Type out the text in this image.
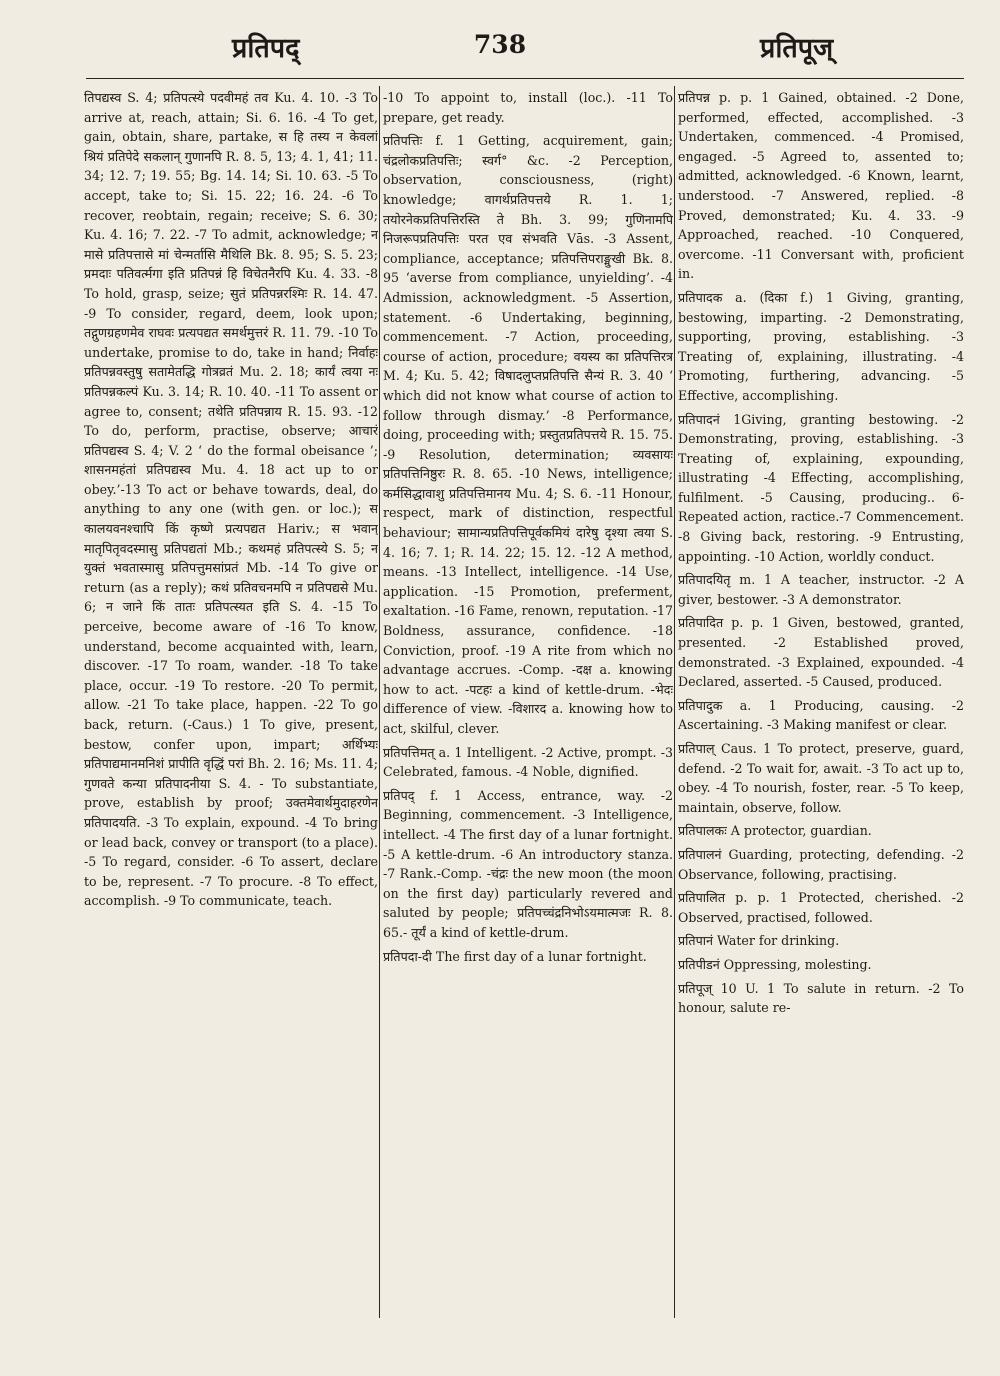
प्रतिपद्	738	प्रतिपूज्

तिपद्यस्व S. 4; प्रतिपत्स्ये पदवीमहं तव Ku. 4. 10. -3 To arrive at, reach, attain; Si. 6. 16. -4 To get, gain, obtain, share, partake, स हि तस्य न केवलां श्रियं प्रतिपेदे सकलान् गुणानपि R. 8. 5, 13; 4. 1, 41; 11. 34; 12. 7; 19. 55; Bg. 14. 14; Si. 10. 63. -5 To accept, take to; Si. 15. 22; 16. 24. -6 To recover, reobtain, regain; receive; S. 6. 30; Ku. 4. 16; 7. 22. -7 To admit, acknowledge; न मासे प्रतिपत्तासे मां चेन्मर्तासि मैथिलि Bk. 8. 95; S. 5. 23; प्रमदाः पतिवर्त्मगा इति प्रतिपन्नं हि विचेतनैरपि Ku. 4. 33. -8 To hold, grasp, seize; सुतं प्रतिपन्नरश्मिः R. 14. 47. -9 To consider, regard, deem, look upon; तद्गुणग्रहणमेव राघवः प्रत्यपद्यत समर्थमुत्तरं R. 11. 79. -10 To undertake, promise to do, take in hand; निर्वाहः प्रतिपन्नवस्तुषु सतामेतद्धि गोत्रव्रतं Mu. 2. 18; कार्यं त्वया नः प्रतिपन्नकल्पं Ku. 3. 14; R. 10. 40. -11 To assent or agree to, consent; तथेति प्रतिपन्नाय R. 15. 93. -12 To do, perform, practise, observe; आचारं प्रतिपद्यस्व S. 4; V. 2 ‘ do the formal obeisance ’; शासनमहंतां प्रतिपद्यस्व Mu. 4. 18 act up to or obey.’-13 To act or behave towards, deal, do anything to any one (with gen. or loc.); स कालयवनश्चापि किं कृष्णे प्रत्यपद्यत Hariv.; स भवान् मातृपितृवदस्मासु प्रतिपद्यतां Mb.; कथमहं प्रतिपत्स्ये S. 5; न युक्तं भवतास्मासु प्रतिपत्तुमसांप्रतं Mb. -14 To give or return (as a reply); कथं प्रतिवचनमपि न प्रतिपद्यसे Mu. 6; न जाने किं तातः प्रतिपत्स्यत इति S. 4. -15 To perceive, become aware of -16 To know, understand, become acquainted with, learn, discover. -17 To roam, wander. -18 To take place, occur. -19 To restore. -20 To permit, allow. -21 To take place, happen. -22 To go back, return. (-Caus.) 1 To give, present, bestow, confer upon, impart; अर्थिभ्यः प्रतिपाद्यमानमनिशं प्रापीति वृद्धिं परां Bh. 2. 16; Ms. 11. 4; गुणवते कन्या प्रतिपादनीया S. 4. - To substantiate, prove, establish by proof; उक्तमेवार्थमुदाहरणेन प्रतिपादयति. -3 To explain, expound. -4 To bring or lead back, convey or transport (to a place). -5 To regard, consider. -6 To assert, declare to be, represent. -7 To procure. -8 To effect, accomplish. -9 To communicate, teach.

-10 To appoint to, install (loc.). -11 To prepare, get ready.

प्रतिपत्तिः f. 1 Getting, acquirement, gain; चंद्रलोकप्रतिपत्तिः; स्वर्ग° &c. -2 Perception, observation, consciousness, (right) knowledge; वागर्थप्रतिपत्तये R. 1. 1; तयोरनेकप्रतिपत्तिरस्ति ते Bh. 3. 99; गुणिनामपि निजरूपप्रतिपत्तिः परत एव संभवति Vās. -3 Assent, compliance, acceptance; प्रतिपत्तिपराङ्मुखी Bk. 8. 95 ‘averse from compliance, unyielding’. -4 Admission, acknowledgment. -5 Assertion, statement. -6 Undertaking, beginning, commencement. -7 Action, proceeding, course of action, procedure; वयस्य का प्रतिपत्तिरत्र M. 4; Ku. 5. 42; विषादलुप्तप्रतिपत्ति सैन्यं R. 3. 40 ‘ which did not know what course of action to follow through dismay.’ -8 Performance, doing, proceeding with; प्रस्तुतप्रतिपत्तये R. 15. 75. -9 Resolution, determination; व्यवसायः प्रतिपत्तिनिष्ठुरः R. 8. 65. -10 News, intelligence; कर्मसिद्धावाशु प्रतिपत्तिमानय Mu. 4; S. 6. -11 Honour, respect, mark of distinction, respectful behaviour; सामान्यप्रतिपत्तिपूर्वकमियं दारेषु दृश्या त्वया S. 4. 16; 7. 1; R. 14. 22; 15. 12. -12 A method, means. -13 Intellect, intelligence. -14 Use, application. -15 Promotion, preferment, exaltation. -16 Fame, renown, reputation. -17 Boldness, assurance, confidence. -18 Conviction, proof. -19 A rite from which no advantage accrues. -Comp. -दक्ष a. knowing how to act. -पटहः a kind of kettle-drum. -भेदः difference of view. -विशारद a. knowing how to act, skilful, clever.

प्रतिपत्तिमत् a. 1 Intelligent. -2 Active, prompt. -3 Celebrated, famous. -4 Noble, dignified.

प्रतिपद् f. 1 Access, entrance, way. -2 Beginning, commencement. -3 Intelligence, intellect. -4 The first day of a lunar fortnight. -5 A kettle-drum. -6 An introductory stanza. -7 Rank.-Comp. -चंद्रः the new moon (the moon on the first day) particularly revered and saluted by people; प्रतिपच्चंद्रनिभोऽयमात्मजः R. 8. 65.- तूर्यं a kind of kettle-drum.

प्रतिपदा-दी The first day of a lunar fortnight.

प्रतिपन्न p. p. 1 Gained, obtained. -2 Done, performed, effected, accomplished. -3 Undertaken, commenced. -4 Promised, engaged. -5 Agreed to, assented to; admitted, acknowledged. -6 Known, learnt, understood. -7 Answered, replied. -8 Proved, demonstrated; Ku. 4. 33. -9 Approached, reached. -10 Conquered, overcome. -11 Conversant with, proficient in.

प्रतिपादक a. (दिका f.) 1 Giving, granting, bestowing, imparting. -2 Demonstrating, supporting, proving, establishing. -3 Treating of, explaining, illustrating. -4 Promoting, furthering, advancing. -5 Effective, accomplishing.

प्रतिपादनं 1Giving, granting bestowing. -2 Demonstrating, proving, establishing. -3 Treating of, explaining, expounding, illustrating -4 Effecting, accomplishing, fulfilment. -5 Causing, producing.. 6- Repeated action, ractice.-7 Commencement. -8 Giving back, restoring. -9 Entrusting, appointing. -10 Action, worldly conduct.

प्रतिपादयितृ m. 1 A teacher, instructor. -2 A giver, bestower. -3 A demonstrator.

प्रतिपादित p. p. 1 Given, bestowed, granted, presented. -2 Established proved, demonstrated. -3 Explained, expounded. -4 Declared, asserted. -5 Caused, produced.

प्रतिपादुक a. 1 Producing, causing. -2 Ascertaining. -3 Making manifest or clear.

प्रतिपाल् Caus. 1 To protect, preserve, guard, defend. -2 To wait for, await. -3 To act up to, obey. -4 To nourish, foster, rear. -5 To keep, maintain, observe, follow.

प्रतिपालकः A protector, guardian.

प्रतिपालनं Guarding, protecting, defending. -2 Observance, following, practising.

प्रतिपालित p. p. 1 Protected, cherished. -2 Observed, practised, followed.

प्रतिपानं Water for drinking.

प्रतिपीडनं Oppressing, molesting.

प्रतिपूज् 10 U. 1 To salute in return. -2 To honour, salute re-
